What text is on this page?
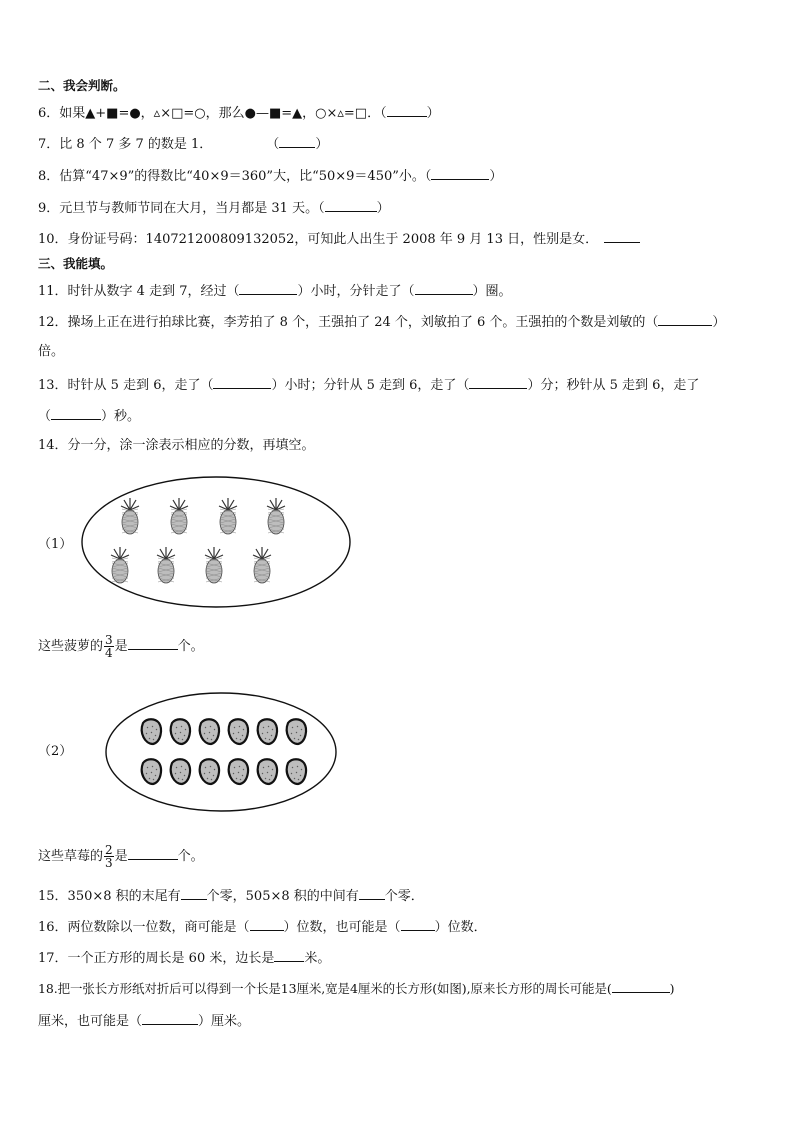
二、我会判断。
6．如果▲+■=●，▵×□=○，那么●—■=▲，○×▵=□．（	）
7．比 8 个 7 多 7 的数是 1．	（	）
8．估算“47×9”的得数比“40×9＝360”大，比“50×9＝450”小。（	）
9．元旦节与教师节同在大月，当月都是 31 天。（	）
10．身份证号码：140721200809132052，可知此人出生于 2008 年 9 月 13 日，性别是女．
三、我能填。
11．时针从数字 4 走到 7，经过（	）小时，分针走了（	）圈。
12．操场上正在进行拍球比赛，李芳拍了 8 个，王强拍了 24 个，刘敏拍了 6 个。王强拍的个数是刘敏的（	）
倍。
13．时针从 5 走到 6，走了（	）小时；分针从 5 走到 6，走了（	）分；秒针从 5 走到 6，走了
（	）秒。
14．分一分，涂一涂表示相应的分数，再填空。
（1）
这些菠萝的 $\frac{3}{4}$ 是	个。
（2）
这些草莓的 $\frac{2}{3}$ 是	个。
15．350×8 积的末尾有 个零，505×8 积的中间有 个零．
16．两位数除以一位数，商可能是（	）位数，也可能是（	）位数．
17．一个正方形的周长是 60 米，边长是 米。
18.把一张长方形纸对折后可以得到一个长是13厘米,宽是4厘米的长方形(如图),原来长方形的周长可能是(	)
厘米，也可能是（	）厘米。
